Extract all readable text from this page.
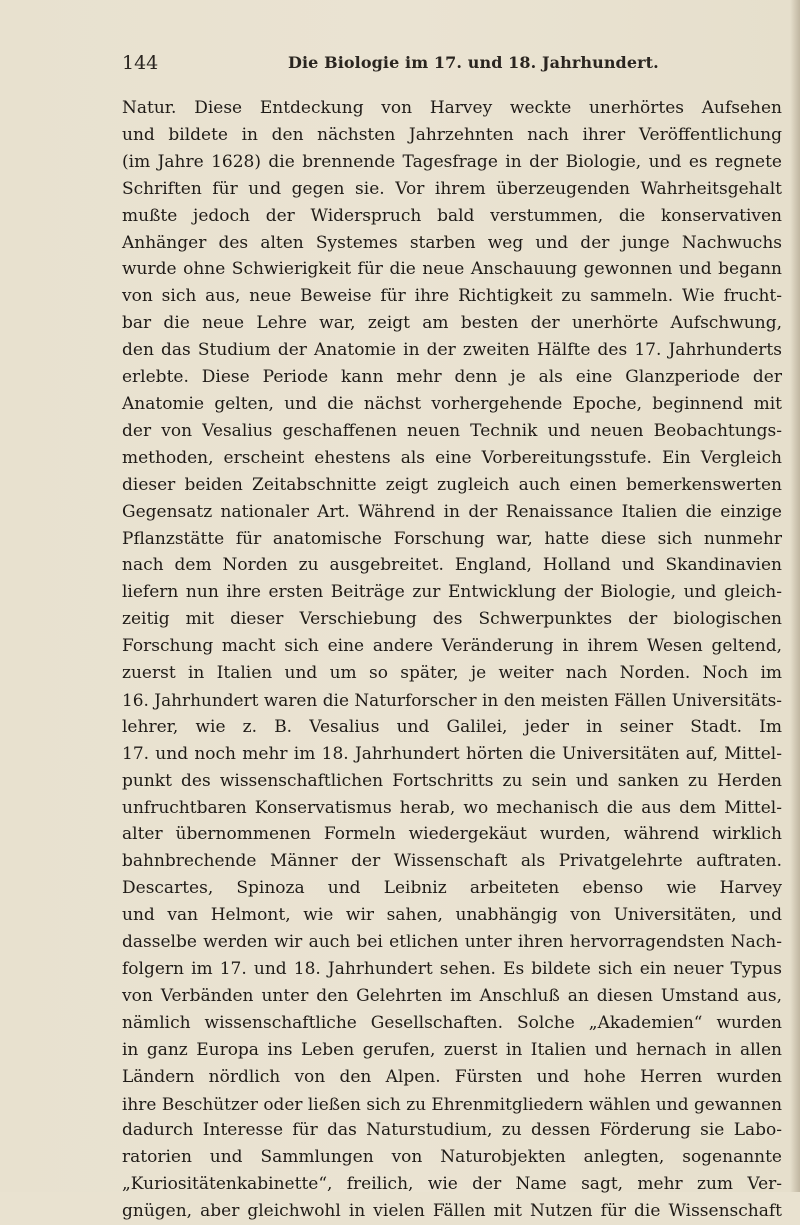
144	Die Biologie im 17. und 18. Jahrhundert.
Natur. Diese Entdeckung von Harvey weckte unerhörtes Aufsehen
und bildete in den nächsten Jahrzehnten nach ihrer Veröffentlichung
(im Jahre 1628) die brennende Tagesfrage in der Biologie, und es regnete
Schriften für und gegen sie. Vor ihrem überzeugenden Wahrheitsgehalt
mußte jedoch der Widerspruch bald verstummen, die konservativen
Anhänger des alten Systemes starben weg und der junge Nachwuchs
wurde ohne Schwierigkeit für die neue Anschauung gewonnen und begann
von sich aus, neue Beweise für ihre Richtigkeit zu sammeln. Wie frucht-
bar die neue Lehre war, zeigt am besten der unerhörte Aufschwung,
den das Studium der Anatomie in der zweiten Hälfte des 17. Jahrhunderts
erlebte. Diese Periode kann mehr denn je als eine Glanzperiode der
Anatomie gelten, und die nächst vorhergehende Epoche, beginnend mit
der von Vesalius geschaffenen neuen Technik und neuen Beobachtungs-
methoden, erscheint ehestens als eine Vorbereitungsstufe. Ein Vergleich
dieser beiden Zeitabschnitte zeigt zugleich auch einen bemerkenswerten
Gegensatz nationaler Art. Während in der Renaissance Italien die einzige
Pflanzstätte für anatomische Forschung war, hatte diese sich nunmehr
nach dem Norden zu ausgebreitet. England, Holland und Skandinavien
liefern nun ihre ersten Beiträge zur Entwicklung der Biologie, und gleich-
zeitig mit dieser Verschiebung des Schwerpunktes der biologischen
Forschung macht sich eine andere Veränderung in ihrem Wesen geltend,
zuerst in Italien und um so später, je weiter nach Norden. Noch im
16. Jahrhundert waren die Naturforscher in den meisten Fällen Universitäts-
lehrer, wie z. B. Vesalius und Galilei, jeder in seiner Stadt. Im
17. und noch mehr im 18. Jahrhundert hörten die Universitäten auf, Mittel-
punkt des wissenschaftlichen Fortschritts zu sein und sanken zu Herden
unfruchtbaren Konservatismus herab, wo mechanisch die aus dem Mittel-
alter übernommenen Formeln wiedergekäut wurden, während wirklich
bahnbrechende Männer der Wissenschaft als Privatgelehrte auftraten.
Descartes, Spinoza und Leibniz arbeiteten ebenso wie Harvey
und van Helmont, wie wir sahen, unabhängig von Universitäten, und
dasselbe werden wir auch bei etlichen unter ihren hervorragendsten Nach-
folgern im 17. und 18. Jahrhundert sehen. Es bildete sich ein neuer Typus
von Verbänden unter den Gelehrten im Anschluß an diesen Umstand aus,
nämlich wissenschaftliche Gesellschaften. Solche „Akademien“ wurden
in ganz Europa ins Leben gerufen, zuerst in Italien und hernach in allen
Ländern nördlich von den Alpen. Fürsten und hohe Herren wurden
ihre Beschützer oder ließen sich zu Ehrenmitgliedern wählen und gewannen
dadurch Interesse für das Naturstudium, zu dessen Förderung sie Labo-
ratorien und Sammlungen von Naturobjekten anlegten, sogenannte
„Kuriositätenkabinette“, freilich, wie der Name sagt, mehr zum Ver-
gnügen, aber gleichwohl in vielen Fällen mit Nutzen für die Wissenschaft
